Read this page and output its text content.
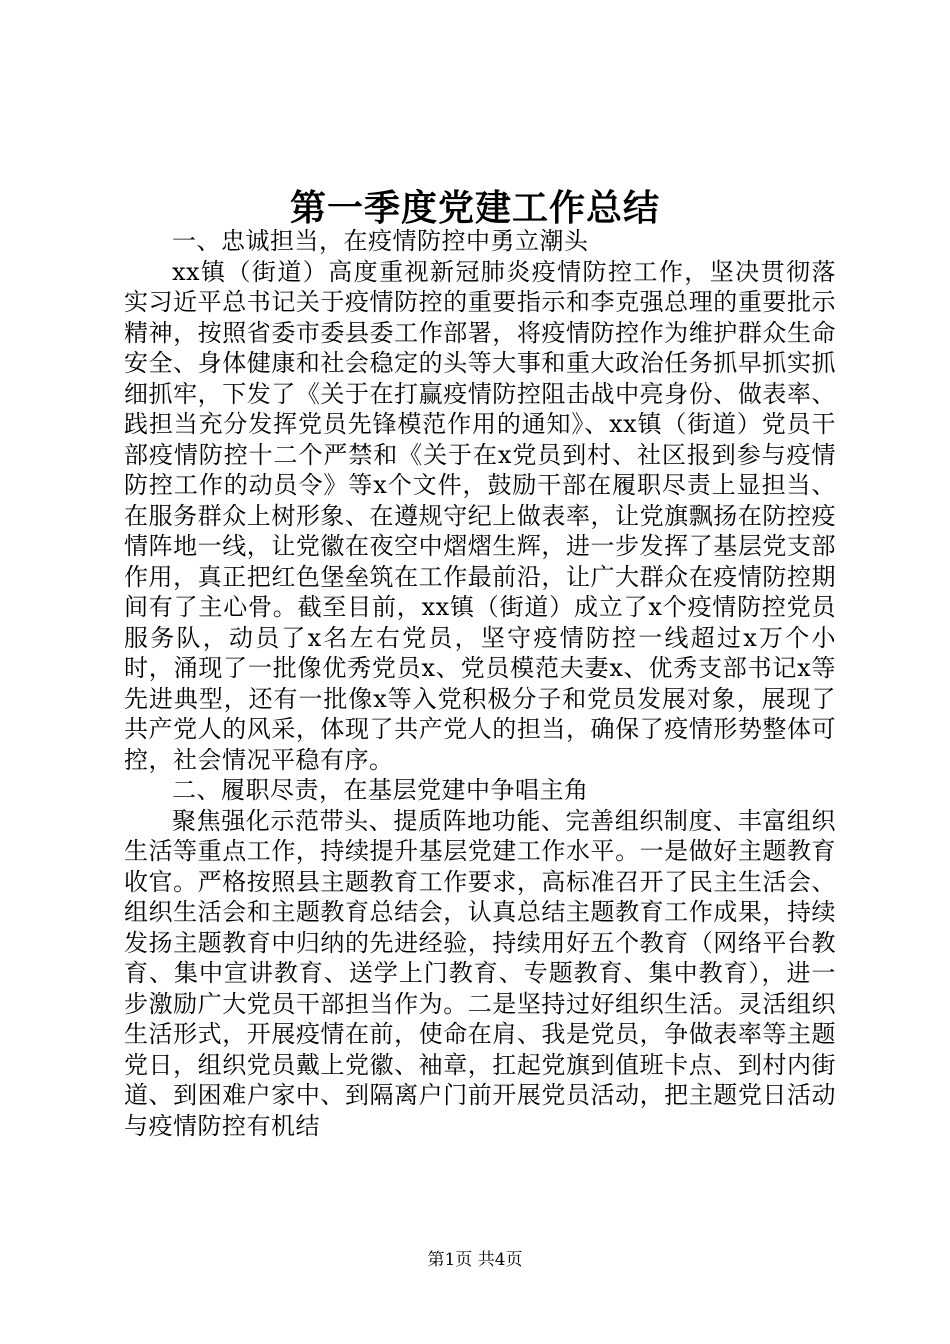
第一季度党建工作总结

一、忠诚担当，在疫情防控中勇立潮头

xx镇（街道）高度重视新冠肺炎疫情防控工作，坚决贯彻落实习近平总书记关于疫情防控的重要指示和李克强总理的重要批示精神，按照省委市委县委工作部署，将疫情防控作为维护群众生命安全、身体健康和社会稳定的头等大事和重大政治任务抓早抓实抓细抓牢，下发了《关于在打赢疫情防控阻击战中亮身份、做表率、践担当充分发挥党员先锋模范作用的通知》、xx镇（街道）党员干部疫情防控十二个严禁和《关于在x党员到村、社区报到参与疫情防控工作的动员令》等x个文件，鼓励干部在履职尽责上显担当、在服务群众上树形象、在遵规守纪上做表率，让党旗飘扬在防控疫情阵地一线，让党徽在夜空中熠熠生辉，进一步发挥了基层党支部作用，真正把红色堡垒筑在工作最前沿，让广大群众在疫情防控期间有了主心骨。截至目前，xx镇（街道）成立了x个疫情防控党员服务队，动员了x名左右党员，坚守疫情防控一线超过x万个小时，涌现了一批像优秀党员x、党员模范夫妻x、优秀支部书记x等先进典型，还有一批像x等入党积极分子和党员发展对象，展现了共产党人的风采，体现了共产党人的担当，确保了疫情形势整体可控，社会情况平稳有序。

二、履职尽责，在基层党建中争唱主角

聚焦强化示范带头、提质阵地功能、完善组织制度、丰富组织生活等重点工作，持续提升基层党建工作水平。一是做好主题教育收官。严格按照县主题教育工作要求，高标准召开了民主生活会、组织生活会和主题教育总结会，认真总结主题教育工作成果，持续发扬主题教育中归纳的先进经验，持续用好五个教育（网络平台教育、集中宣讲教育、送学上门教育、专题教育、集中教育），进一步激励广大党员干部担当作为。二是坚持过好组织生活。灵活组织生活形式，开展疫情在前，使命在肩、我是党员，争做表率等主题党日，组织党员戴上党徽、袖章，扛起党旗到值班卡点、到村内街道、到困难户家中、到隔离户门前开展党员活动，把主题党日活动与疫情防控有机结

第1页 共4页
